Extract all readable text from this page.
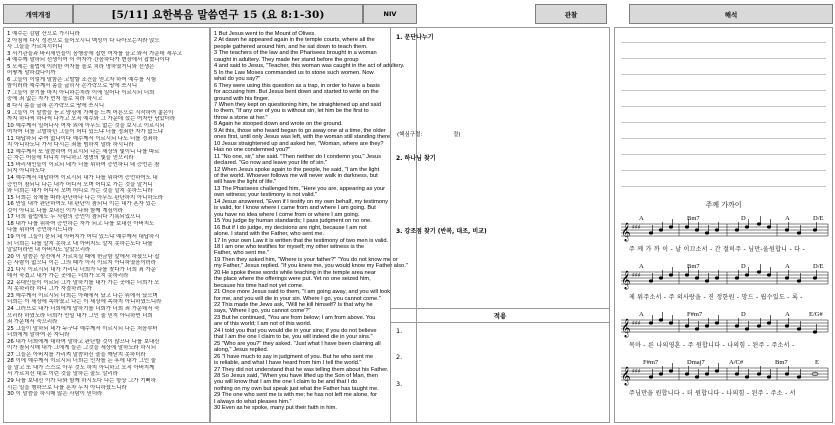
개역개정	[5/11] 요한복음 말씀연구 15 (요 8:1-30)	NIV	관찰	해석
1 예수는 감람 산으로 가시니라
2 아침에 다시 성전으로 들어오시니 백성이 다 나아오는지라 앉으
사 그들을 가르치시더니
3 서기관들과 바리새인들이 음행중에 잡힌 여자를 끌고 와서 가운데 세우고
4 예수께 말하되 선생이여 이 여자가 간음하다가 현장에서 잡혔나이다
5 모세는 율법에 이러한 여자를 돌로 치라 명하였거니와 선생은
어떻게 말하겠나이까
6 그들이 이렇게 말함은 고발할 조건을 얻고자 하여 예수를 시험
함이러라 예수께서 몸을 굽히사 손가락으로 땅에 쓰시니
7 그들이 묻기를 마지 아니하는지라 이에 일어나 이르시되 너희
중에 죄 없는 자가 먼저 돌로 치라 하시고
8 다시 몸을 굽혀 손가락으로 땅에 쓰시니
9 그들이 이 말씀을 듣고 양심에 가책을 느껴 어른으로 시작하여 젊은이
까지 하나씩 하나씩 나가고 오직 예수와 그 가운데 섰는 여자만 남았더라
10 예수께서 일어나사 여자 외에 아무도 없는 것을 보시고 이르시되
여자여 너를 고발하던 그들이 어디 있느냐 너를 정죄한 자가 없느냐
11 대답하되 주여 없나이다 예수께서 이르시되 나도 너를 정죄하
지 아니하노니 가서 다시는 죄를 범하지 말라 하시니라
12 예수께서 또 말씀하여 이르시되 나는 세상의 빛이니 나를 따르
는 자는 어둠에 다니지 아니하고 생명의 빛을 얻으리라
13 바리새인들이 이르되 네가 너를 위하여 증언하니 네 증언은 참
되지 아니하도다
14 예수께서 대답하여 이르시되 내가 나를 위하여 증언하여도 내
증언이 참되니 나는 내가 어디서 오며 어디로 가는 것을 알거니
와 너희는 내가 어디서 오며 어디로 가는 것을 알지 못하느니라
15 너희는 육체를 따라 판단하나 나는 아무도 판단하지 아니하노라
16 만일 내가 판단하여도 내 판단이 참되니 이는 내가 혼자 있는
것이 아니요 나를 보내신 이가 나와 함께 계심이라
17 너희 율법에도 두 사람의 증언이 참되다 기록되었으니
18 내가 나를 위하여 증언하는 자가 되고 나를 보내신 아버지도
나를 위하여 증언하시느니라
19 이에 그들이 묻되 네 아버지가 어디 있느냐 예수께서 대답하시
되 너희는 나를 알지 못하고 내 아버지도 알지 못하는도다 나를
알았더라면 내 아버지도 알았으리라
20 이 말씀은 성전에서 가르치실 때에 헌금함 앞에서 하셨으나 잡
는 사람이 없으니 이는 그의 때가 아직 이르지 아니하였음이러라
21 다시 이르시되 내가 가리니 너희가 나를 찾다가 너희 죄 가운
데서 죽겠고 내가 가는 곳에는 너희가 오지 못하리라
22 유대인들이 이르되 그가 말하기를 내가 가는 곳에는 너희가 오
지 못하리라 하니 그가 자결하려는가
23 예수께서 이르시되 너희는 아래에서 났고 나는 위에서 났으며
너희는 이 세상에 속하였고 나는 이 세상에 속하지 아니하였느니라
24 그러므로 내가 너희에게 말하기를 너희가 너희 죄 가운데서 죽
으리라 하였노라 너희가 만일 내가 그인 줄 믿지 아니하면 너희
죄 가운데서 죽으리라
25 그들이 말하되 네가 누구냐 예수께서 이르시되 나는 처음부터
너희에게 말하여 온 자니라
26 내가 너희에게 대하여 말하고 판단할 것이 많으나 나를 보내신
이가 참되시매 내가 그에게 들은 그것을 세상에 말하노라 하시되
27 그들은 아버지를 가리켜 말씀하신 줄을 깨닫지 못하더라
28 이에 예수께서 이르시되 너희는 인자를 든 후에 내가 그인 줄
을 알고 또 내가 스스로 아무 것도 하지 아니하고 오직 아버지께
서 가르치신 대로 이런 것을 말하는 줄도 알리라
29 나를 보내신 이가 나와 함께 하시도다 나는 항상 그가 기뻐하
시는 일을 행하므로 나를 혼자 두지 아니하셨느니라
30 이 말씀을 하시매 많은 사람이 믿더라
1 But Jesus went to the Mount of Olives.
2 At dawn he appeared again in the temple courts, where all the
people gathered around him, and he sat down to teach them.
3 The teachers of the law and the Pharisees brought in a woman
caught in adultery. They made her stand before the group
4 and said to Jesus, "Teacher, this woman was caught in the act of adultery.
5 In the Law Moses commanded us to stone such women. Now
what do you say?"
6 They were using this question as a trap, in order to have a basis
for accusing him. But Jesus bent down and started to write on the
ground with his finger.
7 When they kept on questioning him, he straightened up and said
to them, "If any one of you is without sin, let him be the first to
throw a stone at her."
8 Again he stooped down and wrote on the ground.
9 At this, those who heard began to go away one at a time, the older
ones first, until only Jesus was left, with the woman still standing there.
10 Jesus straightened up and asked her, "Woman, where are they?
Has no one condemned you?"
11 "No one, sir," she said. "Then neither do I condemn you," Jesus
declared. "Go now and leave your life of sin."
12 When Jesus spoke again to the people, he said, "I am the light
of the world. Whoever follows me will never walk in darkness, but
will have the light of life."
13 The Pharisees challenged him, "Here you are, appearing as your
own witness; your testimony is not valid."
14 Jesus answered, "Even if I testify on my own behalf, my testimony
is valid, for I know where I came from and where I am going. But
you have no idea where I come from or where I am going.
15 You judge by human standards; I pass judgment on no one.
16 But if I do judge, my decisions are right, because I am not
alone. I stand with the Father, who sent me.
17 In your own Law it is written that the testimony of two men is valid.
18 I am one who testifies for myself; my other witness is the
Father, who sent me."
19 Then they asked him, "Where is your father?" "You do not know me or
my Father," Jesus replied. "If you knew me, you would know my Father also."
20 He spoke these words while teaching in the temple area near
the place where the offerings were put. Yet no one seized him,
because his time had not yet come.
21 Once more Jesus said to them, "I am going away, and you will look
for me, and you will die in your sin. Where I go, you cannot come."
22 This made the Jews ask, "Will he kill himself? Is that why he
says, 'Where I go, you cannot come'?"
23 But he continued, "You are from below; I am from above. You
are of this world; I am not of this world.
24 I told you that you would die in your sins; if you do not believe
that I am the one I claim to be, you will indeed die in your sins."
25 "Who are you?" they asked. "Just what I have been claiming all
along," Jesus replied.
26 "I have much to say in judgment of you. But he who sent me
is reliable, and what I have heard from him I tell the world."
27 They did not understand that he was telling them about his Father.
28 So Jesus said, "When you have lifted up the Son of Man, then
you will know that I am the one I claim to be and that I do
nothing on my own but speak just what the Father has taught me.
29 The one who sent me is with me; he has not left me alone, for
I always do what pleases him."
30 Even as he spoke, many put their faith in him.
1. 문단나누기
(핵심구절:	절)
2. 하나님 찾기
3. 강조점 찾기 (반복, 대조, 비교)
적용
1.
2.
3.
주께 가까이
A	Bm7	D	A	D/E
A	Bm7	D	A	D/E
A	F#m7	D	A	E/G#
F#m7	Dmaj7	A/C#	Bm7	E
𝄞 ♯♯♯
𝄞 ♯♯♯
𝄞 ♯♯♯
𝄞 ♯♯♯
주 께 가 까 이 - 날 이끄소서 - 간 절히주 - 님만-울원합니 - 다 -
제 워주소서 - 주 의사랑을 - 진 정한원 - 망드 - 립수있도 - 록 -
목마 - 른 나의영혼 - 주 원합니다 - 나의힘 - 된주 - 주소서 -
주님만을 원합니다 - 더 원합니다 - 나의힘 - 된주 - 주소 - 서
